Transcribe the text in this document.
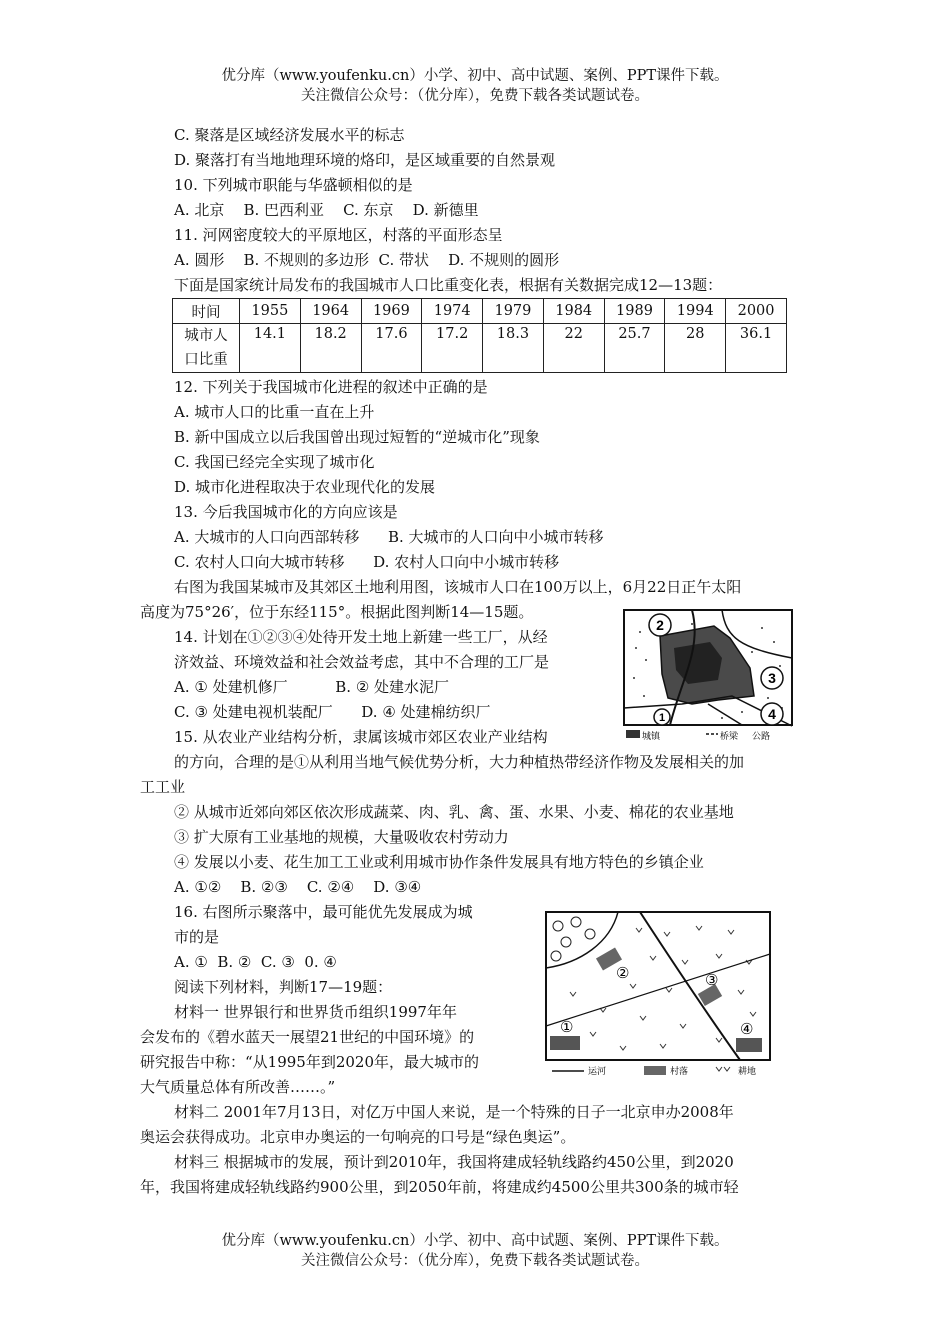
优分库（www.youfenku.cn）小学、初中、高中试题、案例、PPT课件下载。
关注微信公众号：（优分库），免费下载各类试题试卷。
C. 聚落是区域经济发展水平的标志
D. 聚落打有当地地理环境的烙印，是区域重要的自然景观
10. 下列城市职能与华盛顿相似的是
A. 北京    B. 巴西利亚    C. 东京    D. 新德里
11. 河网密度较大的平原地区，村落的平面形态呈
A. 圆形    B. 不规则的多边形  C. 带状    D. 不规则的圆形
下面是国家统计局发布的我国城市人口比重变化表，根据有关数据完成12—13题：
时间	1955	1964	1969	1974	1979	1984	1989	1994	2000

城市人
口比重	14.1	18.2	17.6	17.2	18.3	22	25.7	28	36.1
12. 下列关于我国城市化进程的叙述中正确的是
A. 城市人口的比重一直在上升
B. 新中国成立以后我国曾出现过短暂的“逆城市化”现象
C. 我国已经完全实现了城市化
D. 城市化进程取决于农业现代化的发展
13. 今后我国城市化的方向应该是
A. 大城市的人口向西部转移      B. 大城市的人口向中小城市转移
C. 农村人口向大城市转移      D. 农村人口向中小城市转移
右图为我国某城市及其郊区土地利用图，该城市人口在100万以上，6月22日正午太阳
高度为75°26′，位于东经115°。根据此图判断14—15题。
14. 计划在①②③④处待开发土地上新建一些工厂，从经
济效益、环境效益和社会效益考虑，其中不合理的工厂是
A. ① 处建机修厂          B. ② 处建水泥厂
C. ③ 处建电视机装配厂      D. ④ 处建棉纺织厂
15. 从农业产业结构分析，隶属该城市郊区农业产业结构
2
3
4
1
城镇	桥梁 公路
的方向，合理的是①从利用当地气候优势分析，大力种植热带经济作物及发展相关的加
工工业
② 从城市近郊向郊区依次形成蔬菜、肉、乳、禽、蛋、水果、小麦、棉花的农业基地
③ 扩大原有工业基地的规模，大量吸收农村劳动力
④ 发展以小麦、花生加工工业或利用城市协作条件发展具有地方特色的乡镇企业
A. ①②    B. ②③    C. ②④    D. ③④
16. 右图所示聚落中，最可能优先发展成为城
市的是
A. ①  B. ②  C. ③  0. ④
阅读下列材料，判断17—19题：
材料一 世界银行和世界货币组织1997年年
会发布的《碧水蓝天一展望21世纪的中国环境》的
研究报告中称：“从1995年到2020年，最大城市的
大气质量总体有所改善……。”
②	③
①	④
运河	村落	耕地
材料二 2001年7月13日，对亿万中国人来说，是一个特殊的日子一北京申办2008年
奥运会获得成功。北京申办奥运的一句响亮的口号是“绿色奥运”。
材料三 根据城市的发展，预计到2010年，我国将建成轻轨线路约450公里，到2020
年，我国将建成轻轨线路约900公里，到2050年前，将建成约4500公里共300条的城市轻
优分库（www.youfenku.cn）小学、初中、高中试题、案例、PPT课件下载。
关注微信公众号：（优分库），免费下载各类试题试卷。
